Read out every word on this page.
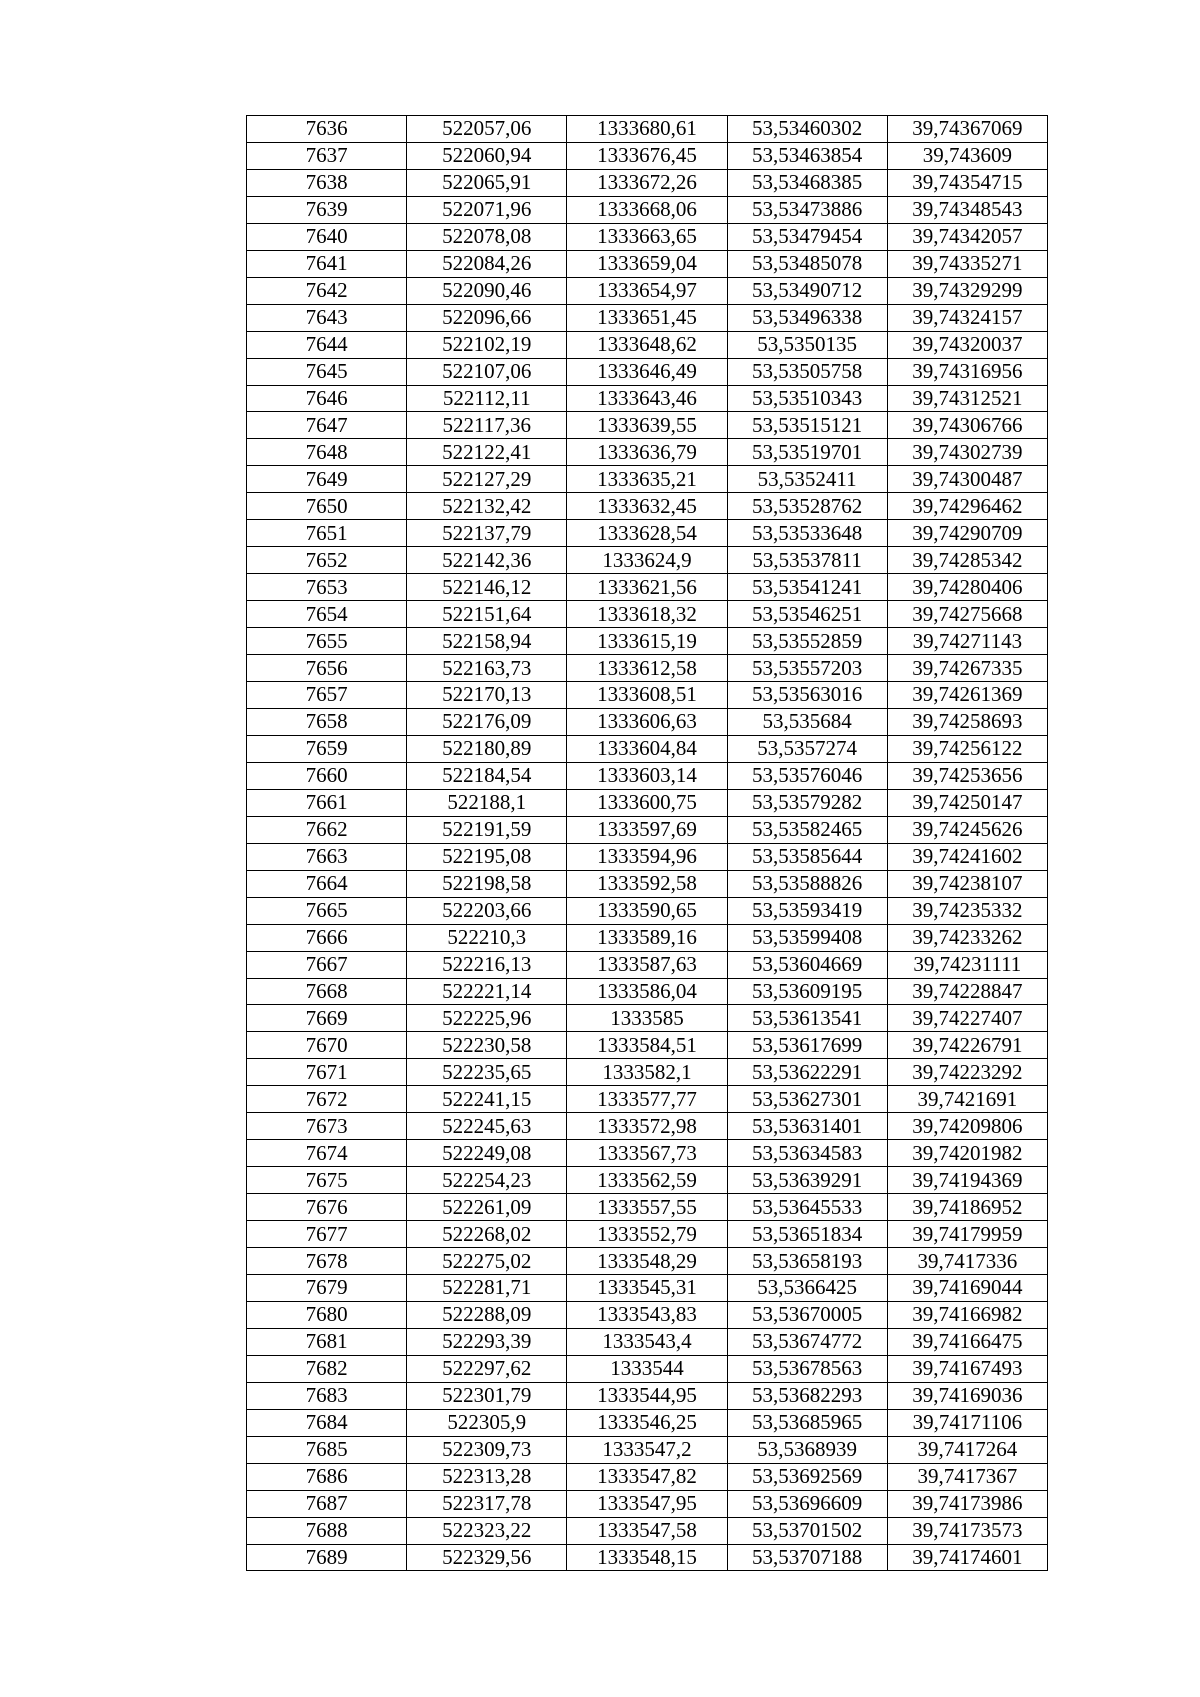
7636	522057,06	1333680,61	53,53460302	39,74367069
7637	522060,94	1333676,45	53,53463854	39,743609
7638	522065,91	1333672,26	53,53468385	39,74354715
7639	522071,96	1333668,06	53,53473886	39,74348543
7640	522078,08	1333663,65	53,53479454	39,74342057
7641	522084,26	1333659,04	53,53485078	39,74335271
7642	522090,46	1333654,97	53,53490712	39,74329299
7643	522096,66	1333651,45	53,53496338	39,74324157
7644	522102,19	1333648,62	53,5350135	39,74320037
7645	522107,06	1333646,49	53,53505758	39,74316956
7646	522112,11	1333643,46	53,53510343	39,74312521
7647	522117,36	1333639,55	53,53515121	39,74306766
7648	522122,41	1333636,79	53,53519701	39,74302739
7649	522127,29	1333635,21	53,5352411	39,74300487
7650	522132,42	1333632,45	53,53528762	39,74296462
7651	522137,79	1333628,54	53,53533648	39,74290709
7652	522142,36	1333624,9	53,53537811	39,74285342
7653	522146,12	1333621,56	53,53541241	39,74280406
7654	522151,64	1333618,32	53,53546251	39,74275668
7655	522158,94	1333615,19	53,53552859	39,74271143
7656	522163,73	1333612,58	53,53557203	39,74267335
7657	522170,13	1333608,51	53,53563016	39,74261369
7658	522176,09	1333606,63	53,535684	39,74258693
7659	522180,89	1333604,84	53,5357274	39,74256122
7660	522184,54	1333603,14	53,53576046	39,74253656
7661	522188,1	1333600,75	53,53579282	39,74250147
7662	522191,59	1333597,69	53,53582465	39,74245626
7663	522195,08	1333594,96	53,53585644	39,74241602
7664	522198,58	1333592,58	53,53588826	39,74238107
7665	522203,66	1333590,65	53,53593419	39,74235332
7666	522210,3	1333589,16	53,53599408	39,74233262
7667	522216,13	1333587,63	53,53604669	39,74231111
7668	522221,14	1333586,04	53,53609195	39,74228847
7669	522225,96	1333585	53,53613541	39,74227407
7670	522230,58	1333584,51	53,53617699	39,74226791
7671	522235,65	1333582,1	53,53622291	39,74223292
7672	522241,15	1333577,77	53,53627301	39,7421691
7673	522245,63	1333572,98	53,53631401	39,74209806
7674	522249,08	1333567,73	53,53634583	39,74201982
7675	522254,23	1333562,59	53,53639291	39,74194369
7676	522261,09	1333557,55	53,53645533	39,74186952
7677	522268,02	1333552,79	53,53651834	39,74179959
7678	522275,02	1333548,29	53,53658193	39,7417336
7679	522281,71	1333545,31	53,5366425	39,74169044
7680	522288,09	1333543,83	53,53670005	39,74166982
7681	522293,39	1333543,4	53,53674772	39,74166475
7682	522297,62	1333544	53,53678563	39,74167493
7683	522301,79	1333544,95	53,53682293	39,74169036
7684	522305,9	1333546,25	53,53685965	39,74171106
7685	522309,73	1333547,2	53,5368939	39,7417264
7686	522313,28	1333547,82	53,53692569	39,7417367
7687	522317,78	1333547,95	53,53696609	39,74173986
7688	522323,22	1333547,58	53,53701502	39,74173573
7689	522329,56	1333548,15	53,53707188	39,74174601
